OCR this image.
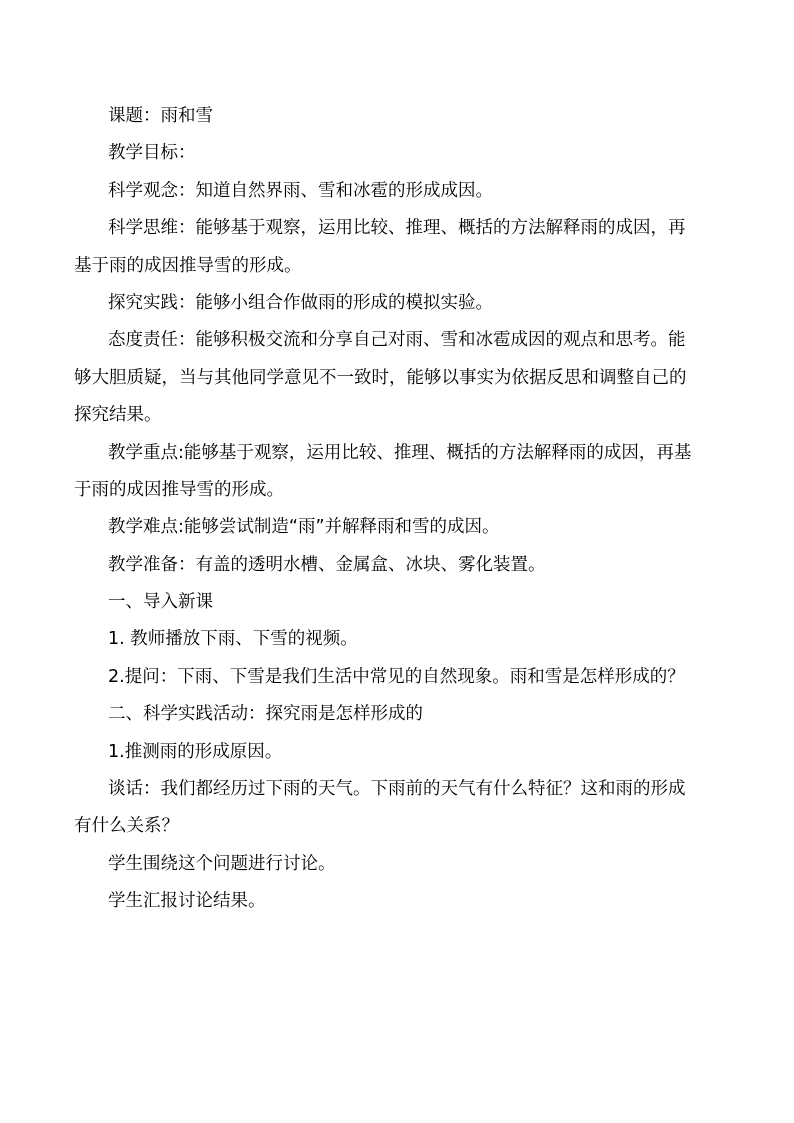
课题：雨和雪
教学目标：
科学观念：知道自然界雨、雪和冰雹的形成成因。
科学思维：能够基于观察，运用比较、推理、概括的方法解释雨的成因，再
基于雨的成因推导雪的形成。
探究实践：能够小组合作做雨的形成的模拟实验。
态度责任：能够积极交流和分享自己对雨、雪和冰雹成因的观点和思考。能
够大胆质疑，当与其他同学意见不一致时，能够以事实为依据反思和调整自己的
探究结果。
教学重点:能够基于观察，运用比较、推理、概括的方法解释雨的成因，再基
于雨的成因推导雪的形成。
教学难点:能够尝试制造“雨”并解释雨和雪的成因。
教学准备：有盖的透明水槽、金属盒、冰块、雾化装置。
一、导入新课
1. 教师播放下雨、下雪的视频。
2.提问：下雨、下雪是我们生活中常见的自然现象。雨和雪是怎样形成的？
二、科学实践活动：探究雨是怎样形成的
1.推测雨的形成原因。
谈话：我们都经历过下雨的天气。下雨前的天气有什么特征？这和雨的形成
有什么关系？
学生围绕这个问题进行讨论。
学生汇报讨论结果。
